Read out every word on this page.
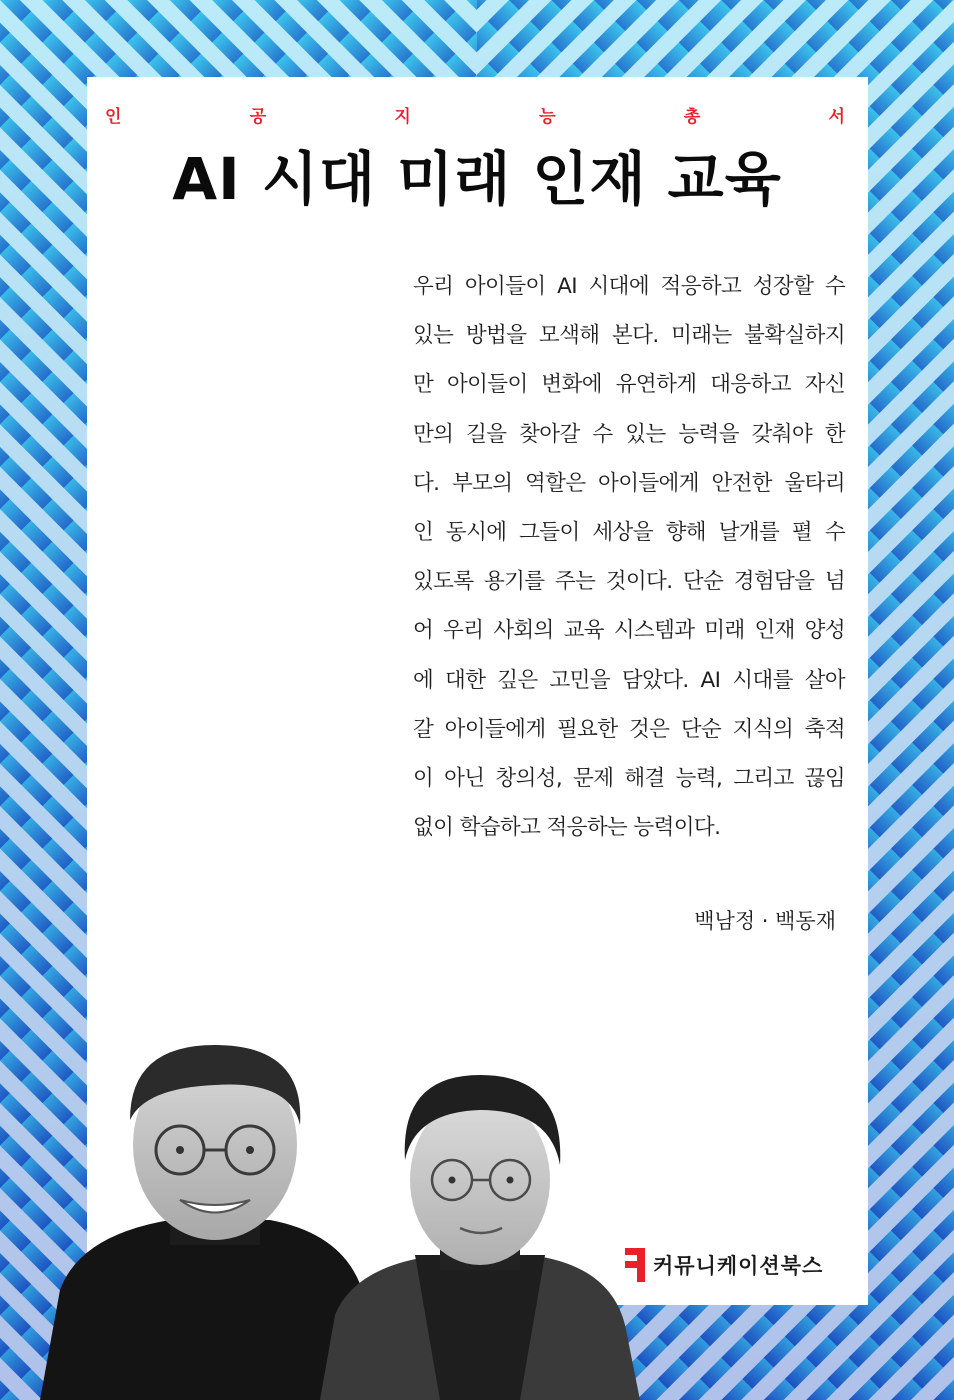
인	공	지	능	총	서
AI 시대 미래 인재 교육
우리 아이들이 AI 시대에 적응하고 성장할 수
있는 방법을 모색해 본다. 미래는 불확실하지
만 아이들이 변화에 유연하게 대응하고 자신
만의 길을 찾아갈 수 있는 능력을 갖춰야 한
다. 부모의 역할은 아이들에게 안전한 울타리
인 동시에 그들이 세상을 향해 날개를 펼 수
있도록 용기를 주는 것이다. 단순 경험담을 넘
어 우리 사회의 교육 시스템과 미래 인재 양성
에 대한 깊은 고민을 담았다. AI 시대를 살아
갈 아이들에게 필요한 것은 단순 지식의 축적
이 아닌 창의성, 문제 해결 능력, 그리고 끊임
없이 학습하고 적응하는 능력이다.
백남정 · 백동재
커뮤니케이션북스
